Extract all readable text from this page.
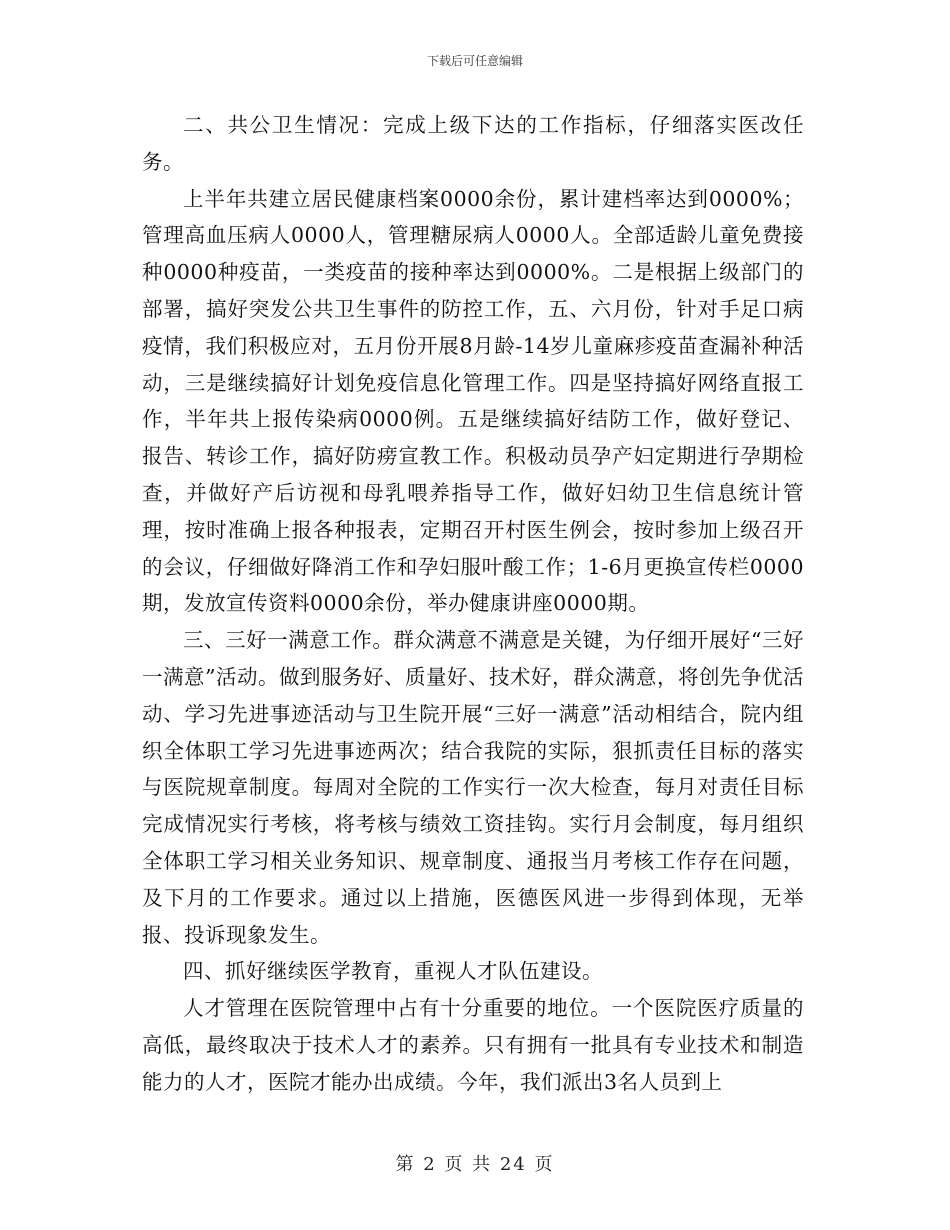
下载后可任意编辑

二、共公卫生情况：完成上级下达的工作指标，仔细落实医改任务。

上半年共建立居民健康档案0000余份，累计建档率达到0000%；管理高血压病人0000人，管理糖尿病人0000人。全部适龄儿童免费接种0000种疫苗，一类疫苗的接种率达到0000%。二是根据上级部门的部署，搞好突发公共卫生事件的防控工作，五、六月份，针对手足口病疫情，我们积极应对，五月份开展8月龄-14岁儿童麻疹疫苗查漏补种活动，三是继续搞好计划免疫信息化管理工作。四是坚持搞好网络直报工作，半年共上报传染病0000例。五是继续搞好结防工作，做好登记、报告、转诊工作，搞好防痨宣教工作。积极动员孕产妇定期进行孕期检查，并做好产后访视和母乳喂养指导工作，做好妇幼卫生信息统计管理，按时准确上报各种报表，定期召开村医生例会，按时参加上级召开的会议，仔细做好降消工作和孕妇服叶酸工作；1-6月更换宣传栏0000期，发放宣传资料0000余份，举办健康讲座0000期。

三、三好一满意工作。群众满意不满意是关键，为仔细开展好“三好一满意”活动。做到服务好、质量好、技术好，群众满意，将创先争优活动、学习先进事迹活动与卫生院开展“三好一满意”活动相结合，院内组织全体职工学习先进事迹两次；结合我院的实际，狠抓责任目标的落实与医院规章制度。每周对全院的工作实行一次大检查，每月对责任目标完成情况实行考核，将考核与绩效工资挂钩。实行月会制度，每月组织全体职工学习相关业务知识、规章制度、通报当月考核工作存在问题，及下月的工作要求。通过以上措施，医德医风进一步得到体现，无举报、投诉现象发生。

四、抓好继续医学教育，重视人才队伍建设。

人才管理在医院管理中占有十分重要的地位。一个医院医疗质量的高低，最终取决于技术人才的素养。只有拥有一批具有专业技术和制造能力的人才，医院才能办出成绩。今年，我们派出3名人员到上

第 2 页 共 24 页
